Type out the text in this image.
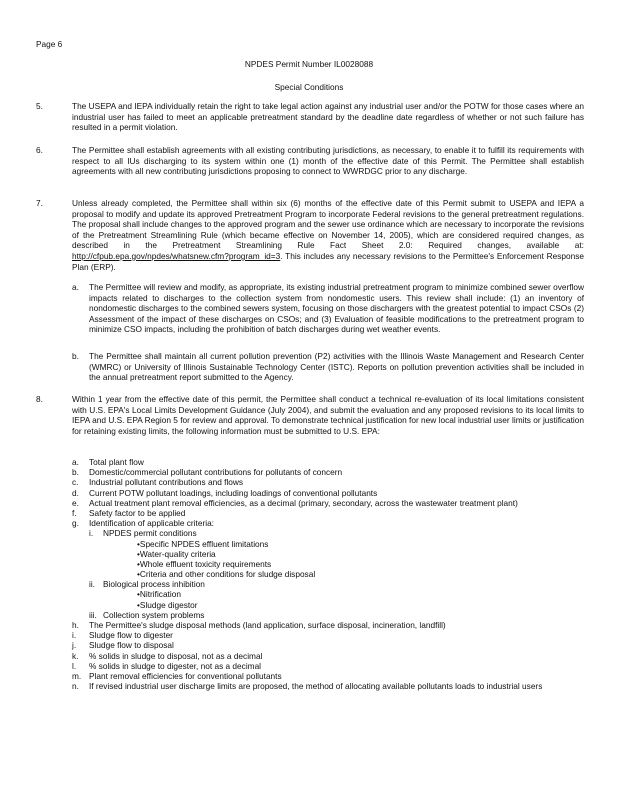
Page 6
NPDES Permit Number IL0028088
Special Conditions
5.	The USEPA and IEPA individually retain the right to take legal action against any industrial user and/or the POTW for those cases where an industrial user has failed to meet an applicable pretreatment standard by the deadline date regardless of whether or not such failure has resulted in a permit violation.
6.	The Permittee shall establish agreements with all existing contributing jurisdictions, as necessary, to enable it to fulfill its requirements with respect to all IUs discharging to its system within one (1) month of the effective date of this Permit. The Permittee shall establish agreements with all new contributing jurisdictions proposing to connect to WWRDGC prior to any discharge.
7.	Unless already completed, the Permittee shall within six (6) months of the effective date of this Permit submit to USEPA and IEPA a proposal to modify and update its approved Pretreatment Program to incorporate Federal revisions to the general pretreatment regulations. The proposal shall include changes to the approved program and the sewer use ordinance which are necessary to incorporate the revisions of the Pretreatment Streamlining Rule (which became effective on November 14, 2005), which are considered required changes, as described in the Pretreatment Streamlining Rule Fact Sheet 2.0: Required changes, available at: http://cfpub.epa.gov/npdes/whatsnew.cfm?program_id=3. This includes any necessary revisions to the Permittee's Enforcement Response Plan (ERP).
a. The Permittee will review and modify, as appropriate, its existing industrial pretreatment program to minimize combined sewer overflow impacts related to discharges to the collection system from nondomestic users. This review shall include: (1) an inventory of nondomestic discharges to the combined sewers system, focusing on those dischargers with the greatest potential to impact CSOs (2) Assessment of the impact of these discharges on CSOs; and (3) Evaluation of feasible modifications to the pretreatment program to minimize CSO impacts, including the prohibition of batch discharges during wet weather events.
b. The Permittee shall maintain all current pollution prevention (P2) activities with the Illinois Waste Management and Research Center (WMRC) or University of Illinois Sustainable Technology Center (ISTC). Reports on pollution prevention activities shall be included in the annual pretreatment report submitted to the Agency.
8.	Within 1 year from the effective date of this permit, the Permittee shall conduct a technical re-evaluation of its local limitations consistent with U.S. EPA's Local Limits Development Guidance (July 2004), and submit the evaluation and any proposed revisions to its local limits to IEPA and U.S. EPA Region 5 for review and approval. To demonstrate technical justification for new local industrial user limits or justification for retaining existing limits, the following information must be submitted to U.S. EPA:
a.	Total plant flow
b.	Domestic/commercial pollutant contributions for pollutants of concern
c.	Industrial pollutant contributions and flows
d.	Current POTW pollutant loadings, including loadings of conventional pollutants
e.	Actual treatment plant removal efficiencies, as a decimal (primary, secondary, across the wastewater treatment plant)
f.	Safety factor to be applied
g.	Identification of applicable criteria:
i.	NPDES permit conditions
•Specific NPDES effluent limitations
•Water-quality criteria
•Whole effluent toxicity requirements
•Criteria and other conditions for sludge disposal
ii. Biological process inhibition
•Nitrification
•Sludge digestor
iii. Collection system problems
h.	The Permittee's sludge disposal methods (land application, surface disposal, incineration, landfill)
i.	Sludge flow to digester
j.	Sludge flow to disposal
k.	% solids in sludge to disposal, not as a decimal
l.	% solids in sludge to digester, not as a decimal
m. Plant removal efficiencies for conventional pollutants
n.	If revised industrial user discharge limits are proposed, the method of allocating available pollutants loads to industrial users
